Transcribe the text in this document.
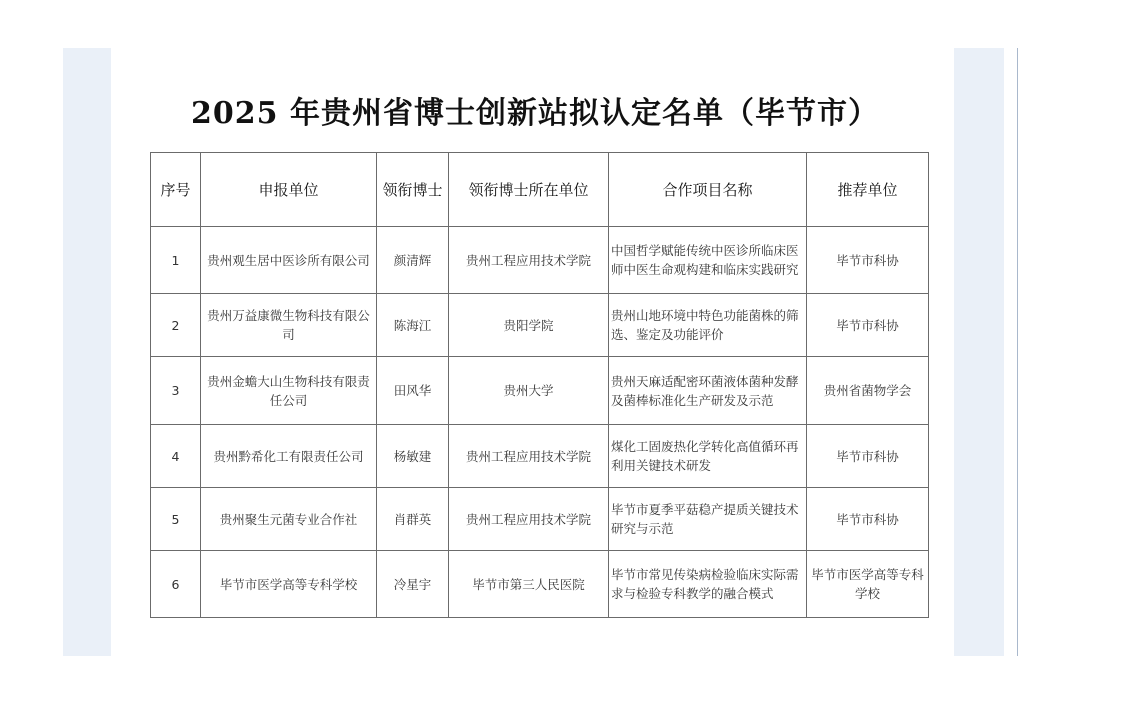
2025 年贵州省博士创新站拟认定名单（毕节市）
序号	申报单位	领衔博士	领衔博士所在单位	合作项目名称	推荐单位
1	贵州观生居中医诊所有限公司	颜清辉	贵州工程应用技术学院	中国哲学赋能传统中医诊所临床医师中医生命观构建和临床实践研究	毕节市科协
2	贵州万益康微生物科技有限公司	陈海江	贵阳学院	贵州山地环境中特色功能菌株的筛选、鉴定及功能评价	毕节市科协
3	贵州金蟾大山生物科技有限责任公司	田风华	贵州大学	贵州天麻适配密环菌液体菌种发酵及菌棒标准化生产研发及示范	贵州省菌物学会
4	贵州黔希化工有限责任公司	杨敏建	贵州工程应用技术学院	煤化工固废热化学转化高值循环再利用关键技术研发	毕节市科协
5	贵州聚生元菌专业合作社	肖群英	贵州工程应用技术学院	毕节市夏季平菇稳产提质关键技术研究与示范	毕节市科协
6	毕节市医学高等专科学校	冷星宇	毕节市第三人民医院	毕节市常见传染病检验临床实际需求与检验专科教学的融合模式	毕节市医学高等专科学校
